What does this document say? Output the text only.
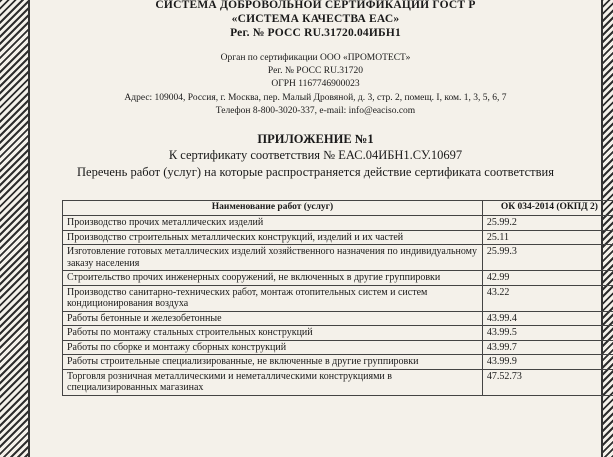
СИСТЕМА ДОБРОВОЛЬНОЙ СЕРТИФИКАЦИИ ГОСТ Р
«СИСТЕМА КАЧЕСТВА ЕАС»
Рег. № РОСС RU.31720.04ИБН1
Орган по сертификации ООО «ПРОМОТЕСТ»
Рег. № РОСС RU.31720
ОГРН 1167746900023
Адрес: 109004, Россия, г. Москва, пер. Малый Дровяной, д. 3, стр. 2, помещ. I, ком. 1, 3, 5, 6, 7
Телефон 8-800-3020-337, e-mail: info@eaciso.com
ПРИЛОЖЕНИЕ №1
К сертификату соответствия № ЕАС.04ИБН1.СУ.10697
Перечень работ (услуг) на которые распространяется действие сертификата соответствия
Наименование работ (услуг)	ОК 034-2014 (ОКПД 2)
Производство прочих металлических изделий	25.99.2
Производство строительных металлических конструкций, изделий и их частей	25.11
Изготовление готовых металлических изделий хозяйственного назначения по индивидуальному заказу населения	25.99.3
Строительство прочих инженерных сооружений, не включенных в другие группировки	42.99
Производство санитарно-технических работ, монтаж отопительных систем и систем кондиционирования воздуха	43.22
Работы бетонные и железобетонные	43.99.4
Работы по монтажу стальных строительных конструкций	43.99.5
Работы по сборке и монтажу сборных конструкций	43.99.7
Работы строительные специализированные, не включенные в другие группировки	43.99.9
Торговля розничная металлическими и неметаллическими конструкциями в специализированных магазинах	47.52.73
